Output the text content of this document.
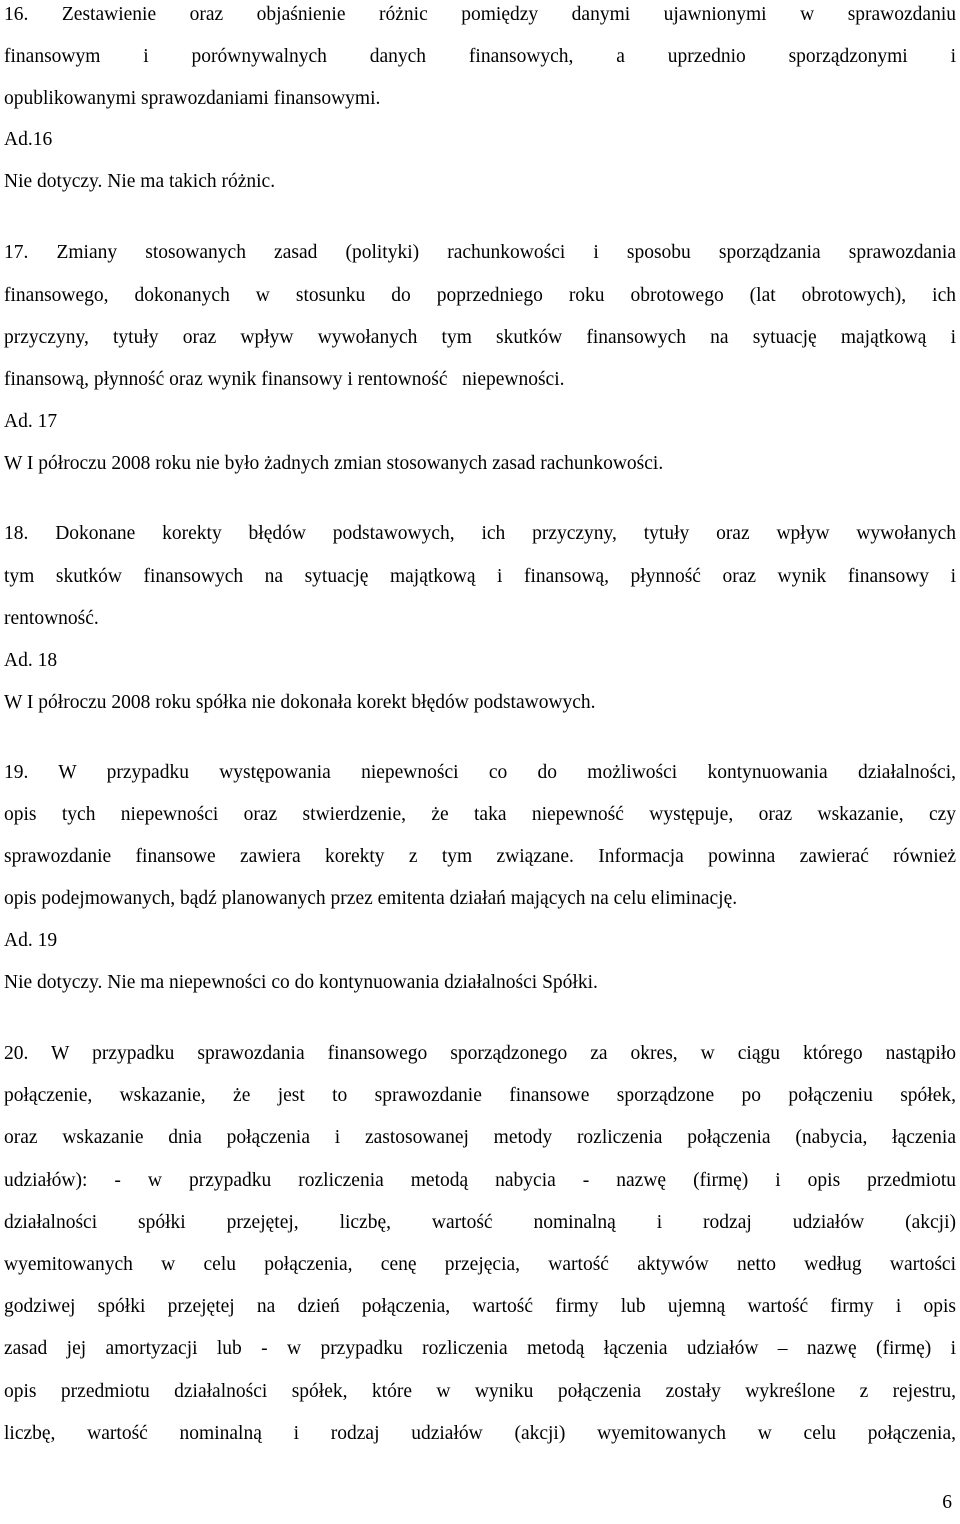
16. Zestawienie oraz objaśnienie różnic pomiędzy danymi ujawnionymi w sprawozdaniu
finansowym i porównywalnych danych finansowych, a uprzednio sporządzonymi i
opublikowanymi sprawozdaniami finansowymi.
Ad.16
Nie dotyczy. Nie ma takich różnic.
17. Zmiany stosowanych zasad (polityki) rachunkowości i sposobu sporządzania sprawozdania
finansowego, dokonanych w stosunku do poprzedniego roku obrotowego (lat obrotowych), ich
przyczyny, tytuły oraz wpływ wywołanych tym skutków finansowych na sytuację majątkową i
finansową, płynność oraz wynik finansowy i rentowność   niepewności.
Ad. 17
W I półroczu 2008 roku nie było żadnych zmian stosowanych zasad rachunkowości.
18. Dokonane korekty błędów podstawowych, ich przyczyny, tytuły oraz wpływ wywołanych
tym skutków finansowych na sytuację majątkową i finansową, płynność oraz wynik finansowy i
rentowność.
Ad. 18
W I półroczu 2008 roku spółka nie dokonała korekt błędów podstawowych.
19. W przypadku występowania niepewności co do możliwości kontynuowania działalności,
opis tych niepewności oraz stwierdzenie, że taka niepewność występuje, oraz wskazanie, czy
sprawozdanie finansowe zawiera korekty z tym związane. Informacja powinna zawierać również
opis podejmowanych, bądź planowanych przez emitenta działań mających na celu eliminację.
Ad. 19
Nie dotyczy. Nie ma niepewności co do kontynuowania działalności Spółki.
20. W przypadku sprawozdania finansowego sporządzonego za okres, w ciągu którego nastąpiło
połączenie, wskazanie, że jest to sprawozdanie finansowe sporządzone po połączeniu spółek,
oraz wskazanie dnia połączenia i zastosowanej metody rozliczenia połączenia (nabycia, łączenia
udziałów): - w przypadku rozliczenia metodą nabycia - nazwę (firmę) i opis przedmiotu
działalności spółki przejętej, liczbę, wartość nominalną i rodzaj udziałów (akcji)
wyemitowanych w celu połączenia, cenę przejęcia, wartość aktywów netto według wartości
godziwej spółki przejętej na dzień połączenia, wartość firmy lub ujemną wartość firmy i opis
zasad jej amortyzacji lub - w przypadku rozliczenia metodą łączenia udziałów – nazwę (firmę) i
opis przedmiotu działalności spółek, które w wyniku połączenia zostały wykreślone z rejestru,
liczbę, wartość nominalną i rodzaj udziałów (akcji) wyemitowanych w celu połączenia,
6
